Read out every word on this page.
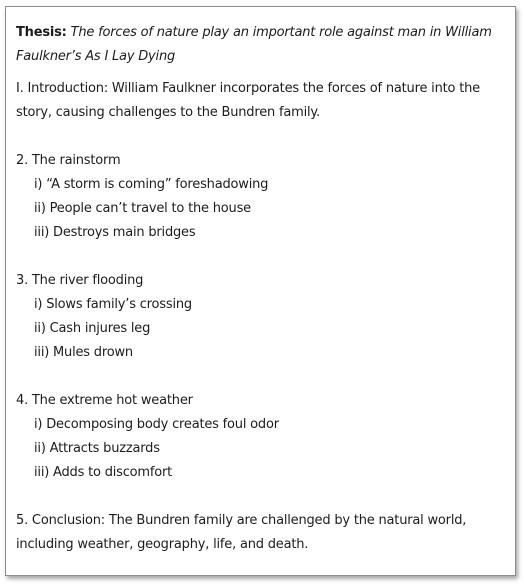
Thesis: The forces of nature play an important role against man in William Faulkner’s As I Lay Dying

I. Introduction: William Faulkner incorporates the forces of nature into the story, causing challenges to the Bundren family.

2. The rainstorm

i) “A storm is coming” foreshadowing

ii) People can’t travel to the house

iii) Destroys main bridges

3. The river flooding

i) Slows family’s crossing

ii) Cash injures leg

iii) Mules drown

4. The extreme hot weather

i) Decomposing body creates foul odor

ii) Attracts buzzards

iii) Adds to discomfort

5. Conclusion: The Bundren family are challenged by the natural world, including weather, geography, life, and death.
